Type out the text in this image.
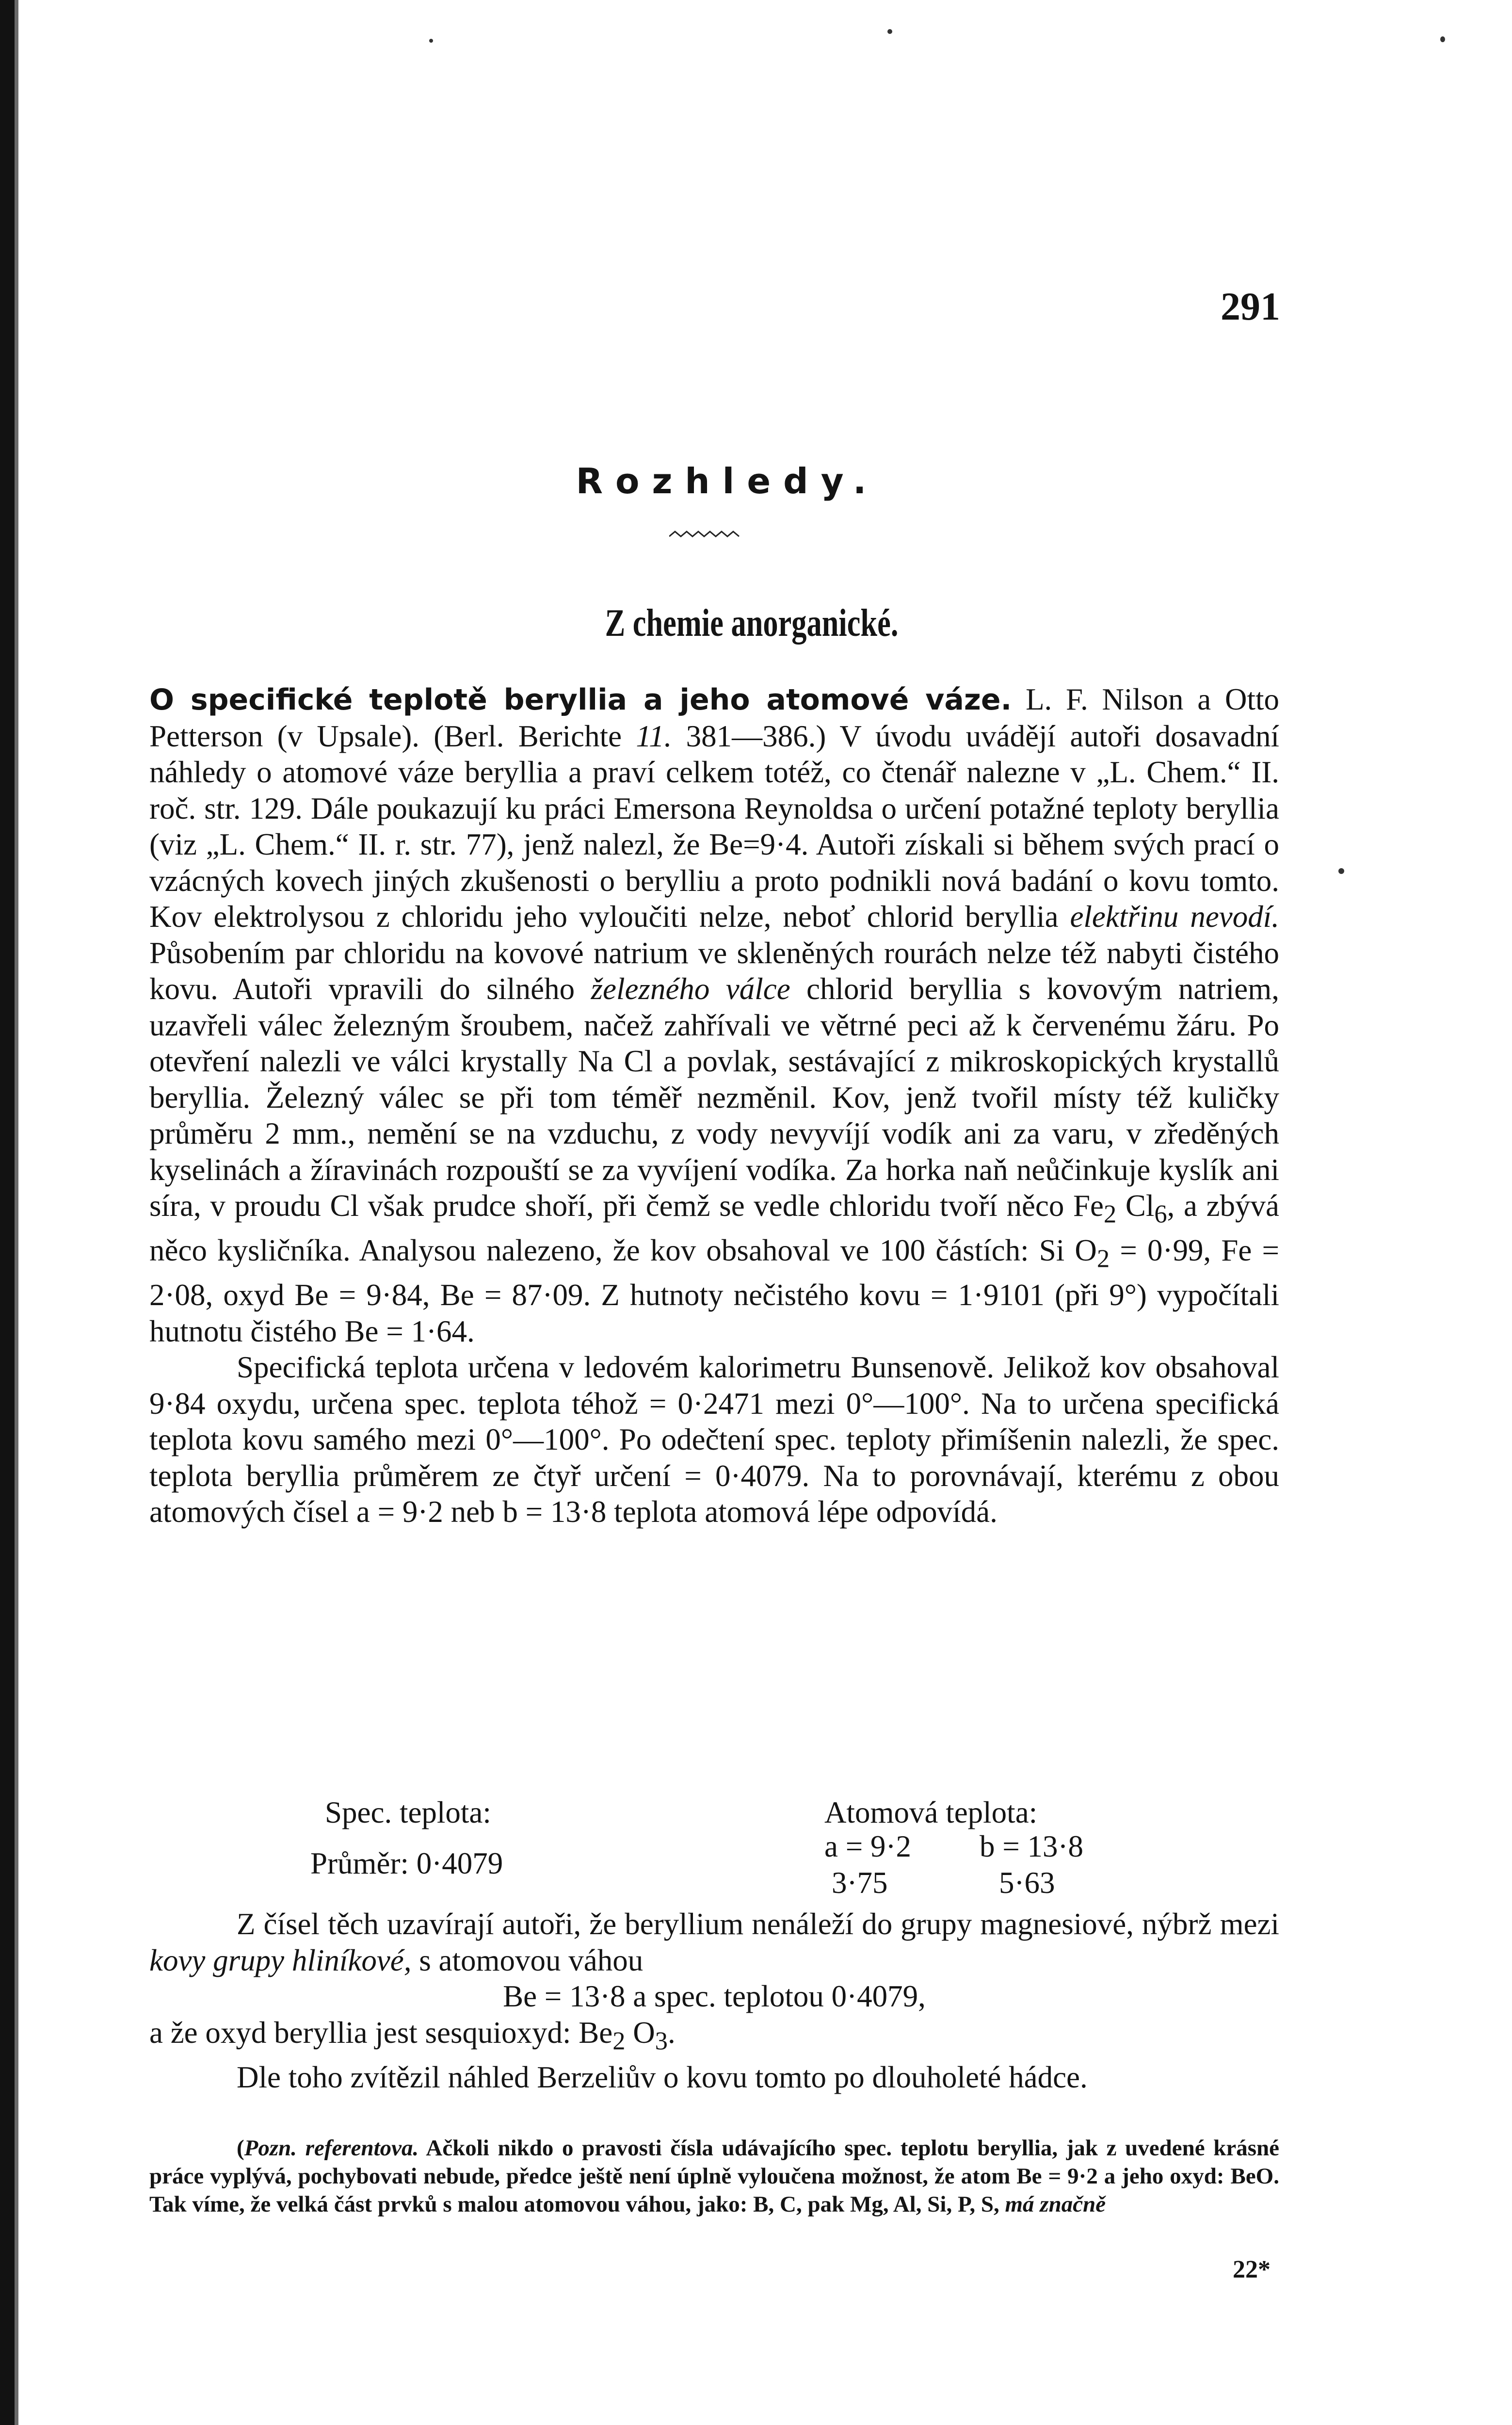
291
Rozhledy.
Z chemie anorganické.

O specifické teplotě beryllia a jeho atomové váze. L. F. Nilson a Otto Petterson (v Upsale). (Berl. Berichte 11. 381—386.) V úvodu uvádějí autoři dosavadní náhledy o atomové váze beryllia a praví celkem totéž, co čtenář nalezne v „L. Chem.“ II. roč. str. 129. Dále poukazují ku práci Emersona Reynoldsa o určení potažné teploty beryllia (viz „L. Chem.“ II. r. str. 77), jenž nalezl, že Be=9·4. Autoři získali si během svých prací o vzácných kovech jiných zkušenosti o berylliu a proto podnikli nová badání o kovu tomto. Kov elektrolysou z chloridu jeho vyloučiti nelze, neboť chlorid beryllia elektřinu nevodí. Působením par chloridu na kovové natrium ve skleněných rourách nelze též nabyti čistého kovu. Autoři vpravili do silného železného válce chlorid beryllia s kovovým natriem, uzavřeli válec železným šroubem, načež zahřívali ve větrné peci až k červenému žáru. Po otevření nalezli ve válci krystally Na Cl a povlak, sestávající z mikroskopických krystallů beryllia. Železný válec se při tom téměř nezměnil. Kov, jenž tvořil místy též kuličky průměru 2 mm., nemění se na vzduchu, z vody nevyvíjí vodík ani za varu, v zředěných kyselinách a žíravinách rozpouští se za vyvíjení vodíka. Za horka naň neůčinkuje kyslík ani síra, v proudu Cl však prudce shoří, při čemž se vedle chloridu tvoří něco $Fe_2$ $Cl_6$, a zbývá něco kysličníka. Analysou nalezeno, že kov obsahoval ve 100 částích: Si $O_2 = 0\cdot 99$, Fe = 2·08, oxyd Be = 9·84, Be = 87·09. Z hutnoty nečistého kovu = 1·9101 (při 9°) vypočítali hutnotu čistého Be = 1·64.

Specifická teplota určena v ledovém kalorimetru Bunsenově. Jelikož kov obsahoval 9·84 oxydu, určena spec. teplota téhož = 0·2471 mezi 0°—100°. Na to určena specifická teplota kovu samého mezi 0°—100°. Po odečtení spec. teploty přimíšenin nalezli, že spec. teplota beryllia průměrem ze čtyř určení = 0·4079. Na to porovnávají, kterému z obou atomových čísel a = 9·2 neb b = 13·8 teplota atomová lépe odpovídá.

Spec. teplota:	Atomová teplota:
a = 9·2 b = 13·8
Průměr: 0·4079
3·75	5·63

Z čísel těch uzavírají autoři, že beryllium nenáleží do grupy magnesiové, nýbrž mezi kovy grupy hliníkové, s atomovou váhou

Be = 13·8 a spec. teplotou 0·4079,

a že oxyd beryllia jest sesquioxyd: $Be_2$ $O_3$.

Dle toho zvítězil náhled Berzeliův o kovu tomto po dlouholeté hádce.

(Pozn. referentova. Ačkoli nikdo o pravosti čísla udávajícího spec. teplotu beryllia, jak z uvedené krásné práce vyplývá, pochybovati nebude, předce ještě není úplně vyloučena možnost, že atom Be = 9·2 a jeho oxyd: BeO. Tak víme, že velká část prvků s malou atomovou váhou, jako: B, C, pak Mg, Al, Si, P, S, má značně

22*
